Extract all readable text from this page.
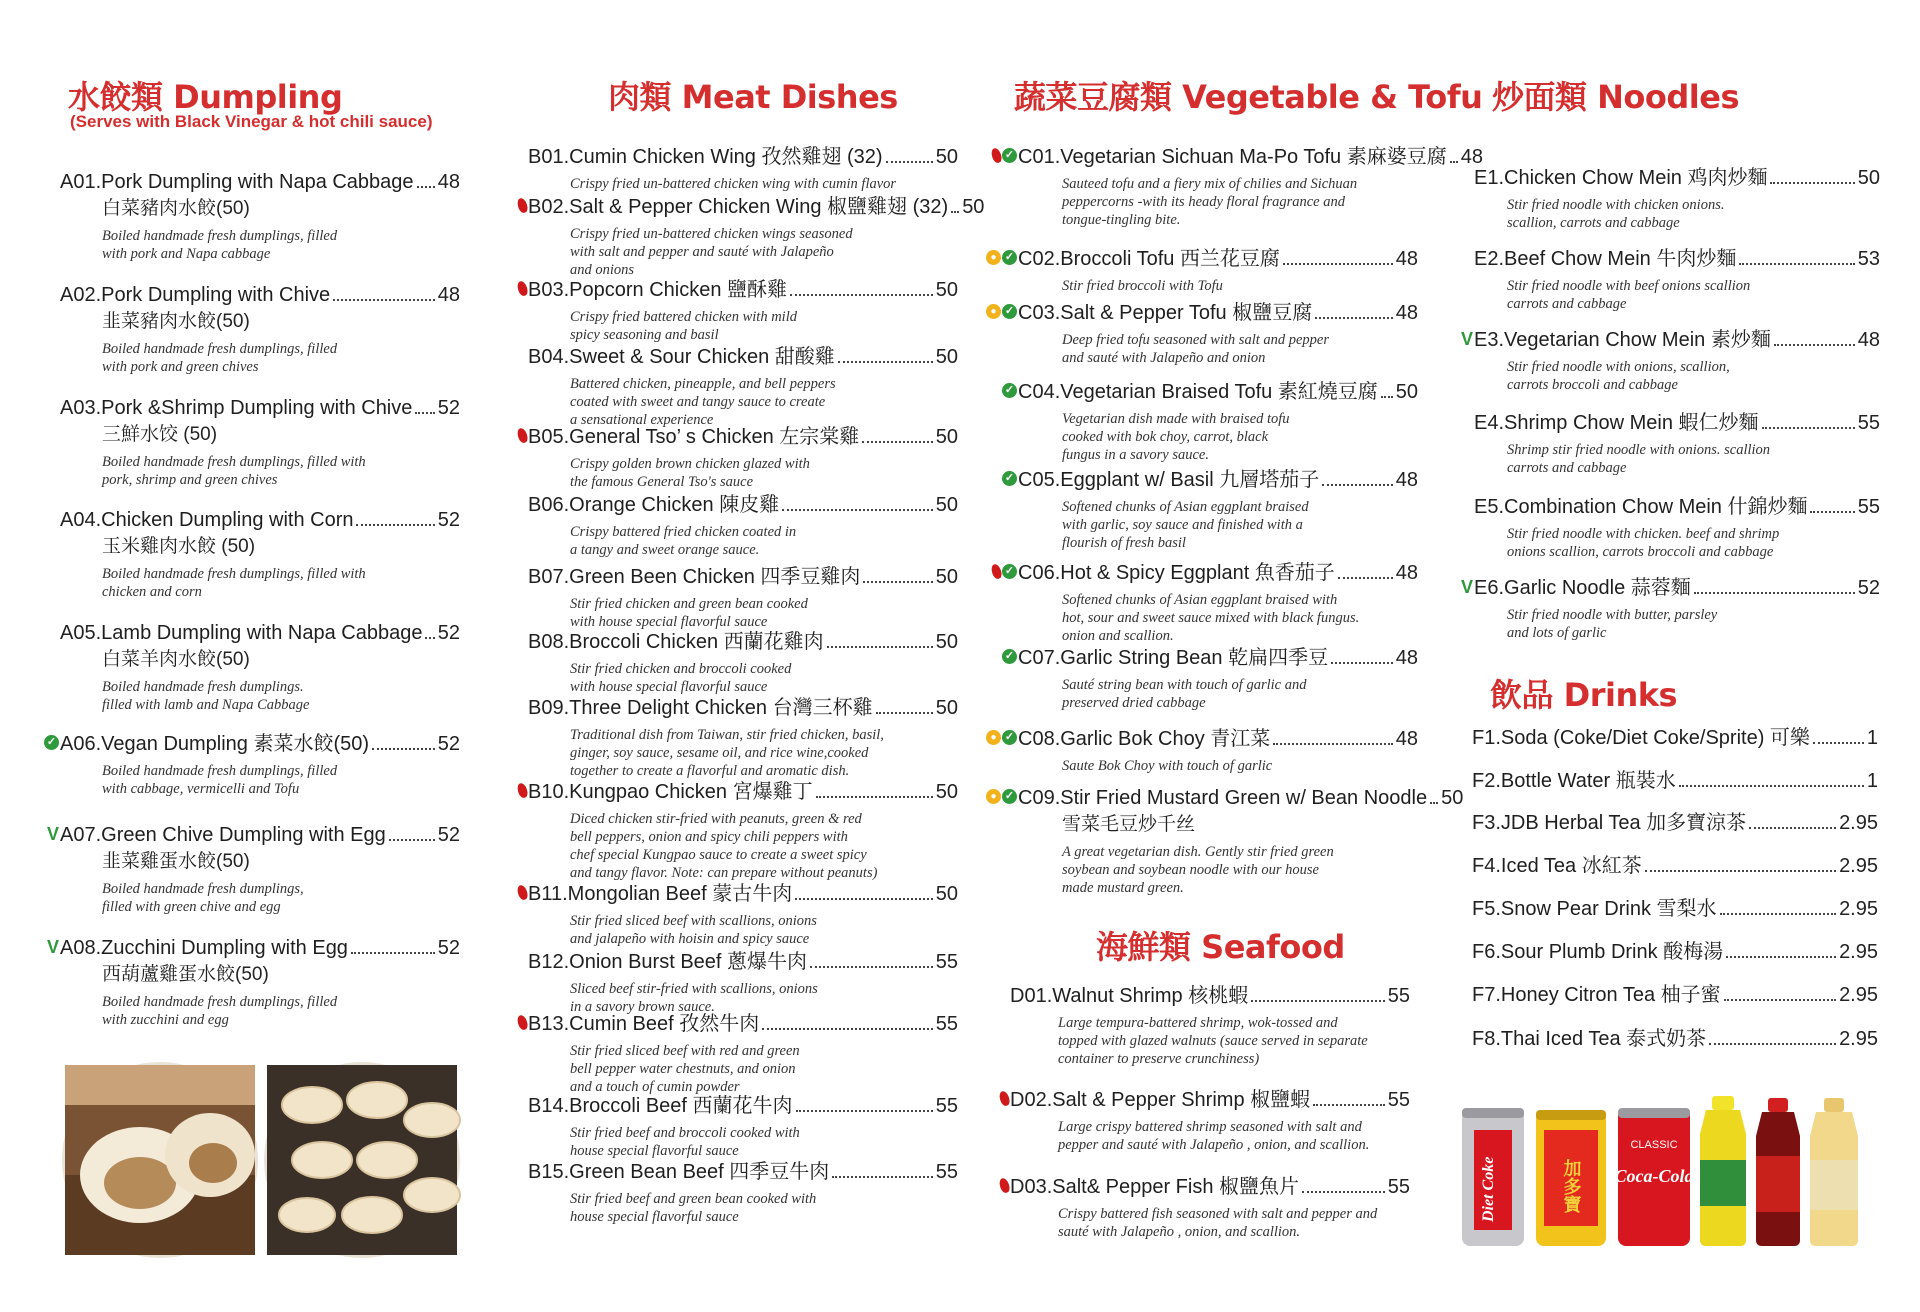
水餃類 Dumpling
(Serves with Black Vinegar & hot chili sauce)
A01. Pork Dumpling with Napa Cabbage 48
白菜豬肉水餃(50)
Boiled handmade fresh dumplings, filled
with pork and Napa cabbage
A02. Pork Dumpling with Chive	48
韭菜豬肉水餃(50)
Boiled handmade fresh dumplings, filled
with pork and green chives
A03. Pork &Shrimp Dumpling with Chive 52
三鮮水饺 (50)
Boiled handmade fresh dumplings, filled with
pork, shrimp and green chives
A04. Chicken Dumpling with Corn	52
玉米雞肉水餃 (50)
Boiled handmade fresh dumplings, filled with
chicken and corn
A05. Lamb Dumpling with Napa Cabbage 52
白菜羊肉水餃(50)
Boiled handmade fresh dumplings.
filled with lamb and Napa Cabbage
✓ A06. Vegan Dumpling 素菜水餃(50)	52
Boiled handmade fresh dumplings, filled
with cabbage, vermicelli and Tofu
V A07. Green Chive Dumpling with Egg	52
韭菜雞蛋水餃(50)
Boiled handmade fresh dumplings,
filled with green chive and egg
V A08. Zucchini Dumpling with Egg	52
西葫蘆雞蛋水餃(50)
Boiled handmade fresh dumplings, filled
with zucchini and egg
肉類 Meat Dishes
B01. Cumin Chicken Wing 孜然雞翅 (32)	50
Crispy fried un-battered chicken wing with cumin flavor
B02. Salt & Pepper Chicken Wing 椒鹽雞翅 (32) 50
Crispy fried un-battered chicken wings seasoned
with salt and pepper and sauté with Jalapeño
and onions
B03. Popcorn Chicken 鹽酥雞	50
Crispy fried battered chicken with mild
spicy seasoning and basil
B04. Sweet & Sour Chicken 甜酸雞	50
Battered chicken, pineapple, and bell peppers
coated with sweet and tangy sauce to create
a sensational experience
B05. General Tso’ s Chicken 左宗棠雞	50
Crispy golden brown chicken glazed with
the famous General Tso's sauce
B06. Orange Chicken 陳皮雞	50
Crispy battered fried chicken coated in
a tangy and sweet orange sauce.
B07. Green Been Chicken 四季豆雞肉	50
Stir fried chicken and green bean cooked
with house special flavorful sauce
B08. Broccoli Chicken 西蘭花雞肉	50
Stir fried chicken and broccoli cooked
with house special flavorful sauce
B09. Three Delight Chicken 台灣三杯雞	50
Traditional dish from Taiwan, stir fried chicken, basil,
ginger, soy sauce, sesame oil, and rice wine,cooked
together to create a flavorful and aromatic dish.
B10. Kungpao Chicken 宮爆雞丁	50
Diced chicken stir-fried with peanuts, green & red
bell peppers, onion and spicy chili peppers with
chef special Kungpao sauce to create a sweet spicy
and tangy flavor. Note: can prepare without peanuts)
B11. Mongolian Beef 蒙古牛肉	50
Stir fried sliced beef with scallions, onions
and jalapeño with hoisin and spicy sauce
B12. Onion Burst Beef 蔥爆牛肉	55
Sliced beef stir-fried with scallions, onions
in a savory brown sauce.
B13. Cumin Beef 孜然牛肉	55
Stir fried sliced beef with red and green
bell pepper water chestnuts, and onion
and a touch of cumin powder
B14. Broccoli Beef 西蘭花牛肉	55
Stir fried beef and broccoli cooked with
house special flavorful sauce
B15. Green Bean Beef 四季豆牛肉	55
Stir fried beef and green bean cooked with
house special flavorful sauce
蔬菜豆腐類 Vegetable & Tofu
✓ C01. Vegetarian Sichuan Ma-Po Tofu 素麻婆豆腐 48
Sauteed tofu and a fiery mix of chilies and Sichuan
peppercorns -with its heady floral fragrance and
tongue-tingling bite.
● ✓ C02. Broccoli Tofu 西兰花豆腐	48
Stir fried broccoli with Tofu
● ✓ C03. Salt & Pepper Tofu 椒鹽豆腐	48
Deep fried tofu seasoned with salt and pepper
and sauté with Jalapeño and onion
✓ C04. Vegetarian Braised Tofu 素紅燒豆腐 50
Vegetarian dish made with braised tofu
cooked with bok choy, carrot, black
fungus in a savory sauce.
✓ C05. Eggplant w/ Basil 九層塔茄子	48
Softened chunks of Asian eggplant braised
with garlic, soy sauce and finished with a
flourish of fresh basil
✓ C06. Hot & Spicy Eggplant 魚香茄子	48
Softened chunks of Asian eggplant braised with
hot, sour and sweet sauce mixed with black fungus.
onion and scallion.
✓ C07. Garlic String Bean 乾扁四季豆	48
Sauté string bean with touch of garlic and
preserved dried cabbage
● ✓ C08. Garlic Bok Choy 青江菜	48
Saute Bok Choy with touch of garlic
● ✓ C09. Stir Fried Mustard Green w/ Bean Noodle 50
雪菜毛豆炒千丝
A great vegetarian dish. Gently stir fried green
soybean and soybean noodle with our house
made mustard green.
海鮮類 Seafood
D01. Walnut Shrimp 核桃蝦	55
Large tempura-battered shrimp, wok-tossed and
topped with glazed walnuts (sauce served in separate
container to preserve crunchiness)
D02. Salt & Pepper Shrimp 椒鹽蝦	55
Large crispy battered shrimp seasoned with salt and
pepper and sauté with Jalapeño , onion, and scallion.
D03. Salt& Pepper Fish 椒鹽魚片	55
Crispy battered fish seasoned with salt and pepper and
sauté with Jalapeño , onion, and scallion.
炒面類 Noodles
E1. Chicken Chow Mein 鸡肉炒麵	50
Stir fried noodle with chicken onions.
scallion, carrots and cabbage
E2. Beef Chow Mein 牛肉炒麵	53
Stir fried noodle with beef onions scallion
carrots and cabbage
V E3. Vegetarian Chow Mein 素炒麵	48
Stir fried noodle with onions, scallion,
carrots broccoli and cabbage
E4. Shrimp Chow Mein 蝦仁炒麵	55
Shrimp stir fried noodle with onions. scallion
carrots and cabbage
E5. Combination Chow Mein 什錦炒麵	55
Stir fried noodle with chicken. beef and shrimp
onions scallion, carrots broccoli and cabbage
V E6. Garlic Noodle 蒜蓉麵	52
Stir fried noodle with butter, parsley
and lots of garlic
飲品 Drinks
F1. Soda (Coke/Diet Coke/Sprite) 可樂	1
F2. Bottle Water 瓶裝水	1
F3. JDB Herbal Tea 加多寶涼茶	2.95
F4. Iced Tea 冰紅茶	2.95
F5. Snow Pear Drink 雪梨水	2.95
F6. Sour Plumb Drink 酸梅湯	2.95
F7. Honey Citron Tea 柚子蜜	2.95
F8. Thai Iced Tea 泰式奶茶	2.95
Diet Coke	加多寶
CLASSIC
Coca-Cola
